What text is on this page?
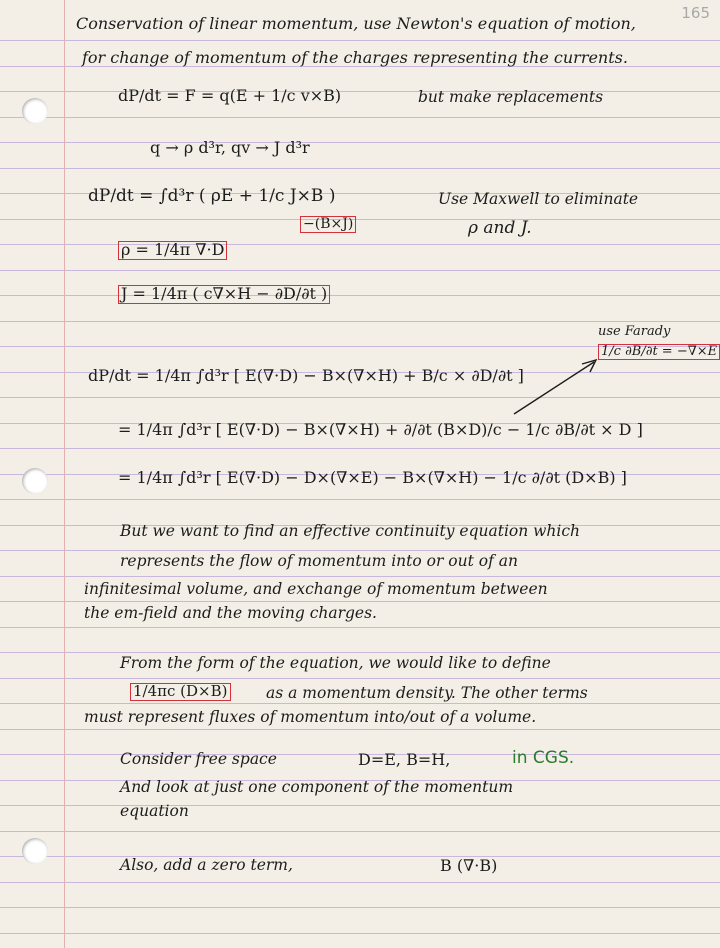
165
Conservation of linear momentum, use Newton's equation of motion,
for change of momentum of the charges representing the currents.
dP/dt = F = q(E + 1/c v×B)	but make replacements
q → ρ d³r, qv → J d³r
dP/dt = ∫d³r ( ρE + 1/c J×B )
−(B×J)
Use Maxwell to eliminate
ρ and J.
ρ = 1/4π ∇·D
J = 1/4π ( c∇×H − ∂D/∂t )
use Farady
1/c ∂B/∂t = −∇×E
dP/dt = 1/4π ∫d³r [ E(∇·D) − B×(∇×H) + B/c × ∂D/∂t ]
= 1/4π ∫d³r [ E(∇·D) − B×(∇×H) + ∂/∂t (B×D)/c − 1/c ∂B/∂t × D ]
= 1/4π ∫d³r [ E(∇·D) − D×(∇×E) − B×(∇×H) − 1/c ∂/∂t (D×B) ]
But we want to find an effective continuity equation which
represents the flow of momentum into or out of an
infinitesimal volume, and exchange of momentum between
the em-field and the moving charges.
From the form of the equation, we would like to define
1/4πc (D×B) as a momentum density. The other terms
must represent fluxes of momentum into/out of a volume.
Consider free space	D=E, B=H,	in CGS.
And look at just one component of the momentum
equation
Also, add a zero term,	B (∇·B)
